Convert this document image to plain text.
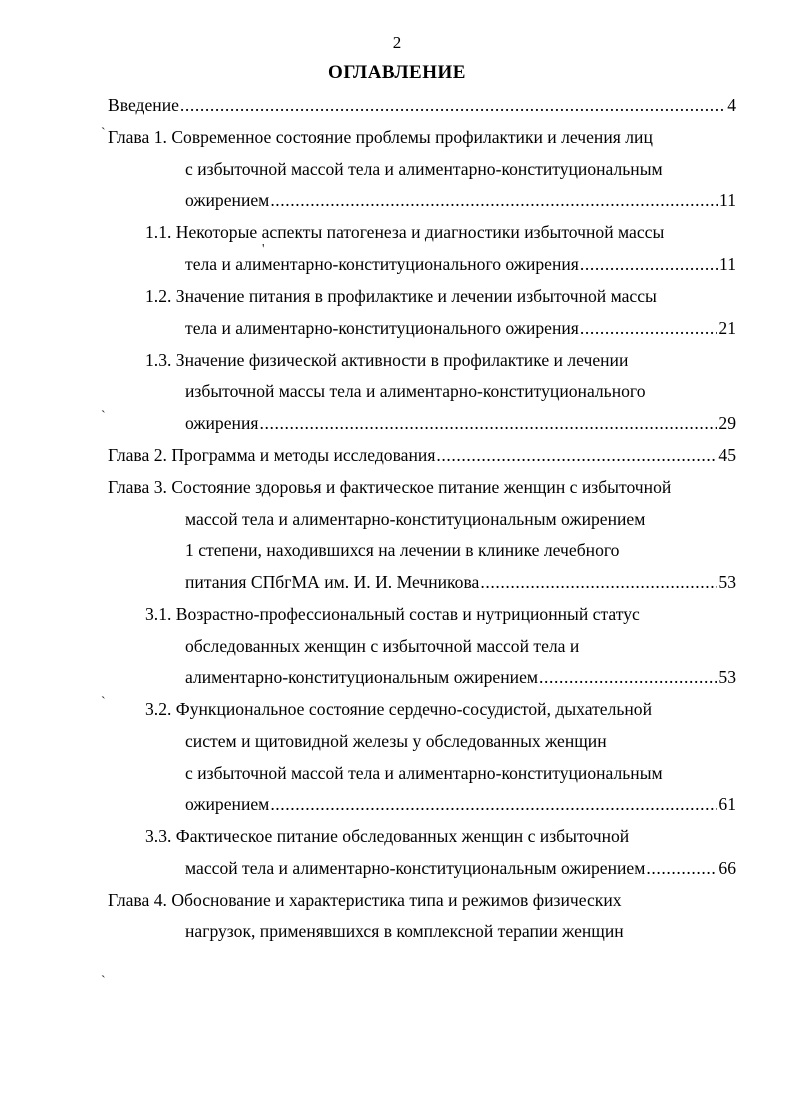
2
ОГЛАВЛЕНИЕ
Введение .....	4
Глава 1. Современное состояние проблемы профилактики и лечения лиц
с избыточной массой тела и алиментарно-конституциональным
ожирением .....	11
1.1. Некоторые аспекты патогенеза и диагностики избыточной массы
тела и алиментарно-конституционального ожирения .....	11
1.2. Значение питания в профилактике и лечении избыточной массы
тела и алиментарно-конституционального ожирения .....	21
1.3. Значение физической активности в профилактике и лечении
избыточной массы тела и алиментарно-конституционального
ожирения .....	29
Глава 2. Программа и методы исследования .....	45
Глава 3. Состояние здоровья и фактическое питание женщин с избыточной
массой тела и алиментарно-конституциональным ожирением
1 степени, находившихся на лечении в клинике лечебного
питания СПбгМА им. И. И. Мечникова .....	53
3.1. Возрастно-профессиональный состав и нутриционный статус
обследованных женщин с избыточной массой тела и
алиментарно-конституциональным ожирением .....	53
3.2. Функциональное состояние сердечно-сосудистой, дыхательной
систем и щитовидной железы у обследованных женщин
с избыточной массой тела и алиментарно-конституциональным
ожирением .....	61
3.3. Фактическое питание обследованных женщин с избыточной
массой тела и алиментарно-конституциональным ожирением .....	66
Глава 4. Обоснование и характеристика типа и режимов физических
нагрузок, применявшихся в комплексной терапии женщин
`
'
`
`
`
